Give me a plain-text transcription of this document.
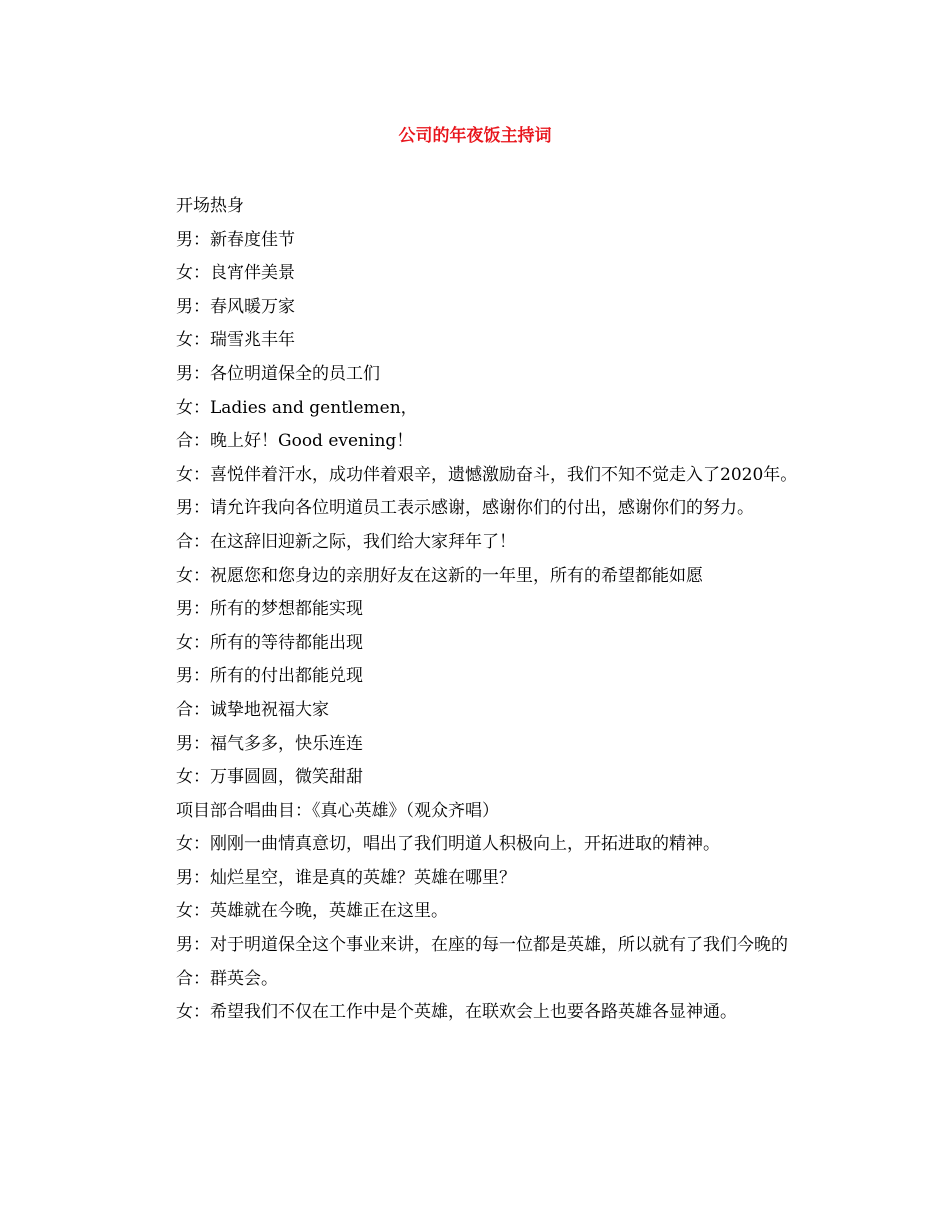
公司的年夜饭主持词

开场热身

男：新春度佳节

女：良宵伴美景

男：春风暖万家

女：瑞雪兆丰年

男：各位明道保全的员工们

女：Ladies and gentlemen，

合：晚上好！Good evening！

女：喜悦伴着汗水，成功伴着艰辛，遗憾激励奋斗，我们不知不觉走入了2020年。

男：请允许我向各位明道员工表示感谢，感谢你们的付出，感谢你们的努力。

合：在这辞旧迎新之际，我们给大家拜年了！

女：祝愿您和您身边的亲朋好友在这新的一年里，所有的希望都能如愿

男：所有的梦想都能实现

女：所有的等待都能出现

男：所有的付出都能兑现

合：诚挚地祝福大家

男：福气多多，快乐连连

女：万事圆圆，微笑甜甜

项目部合唱曲目：《真心英雄》（观众齐唱）

女：刚刚一曲情真意切，唱出了我们明道人积极向上，开拓进取的精神。

男：灿烂星空，谁是真的英雄？英雄在哪里？

女：英雄就在今晚，英雄正在这里。

男：对于明道保全这个事业来讲，在座的每一位都是英雄，所以就有了我们今晚的

合：群英会。

女：希望我们不仅在工作中是个英雄，在联欢会上也要各路英雄各显神通。
